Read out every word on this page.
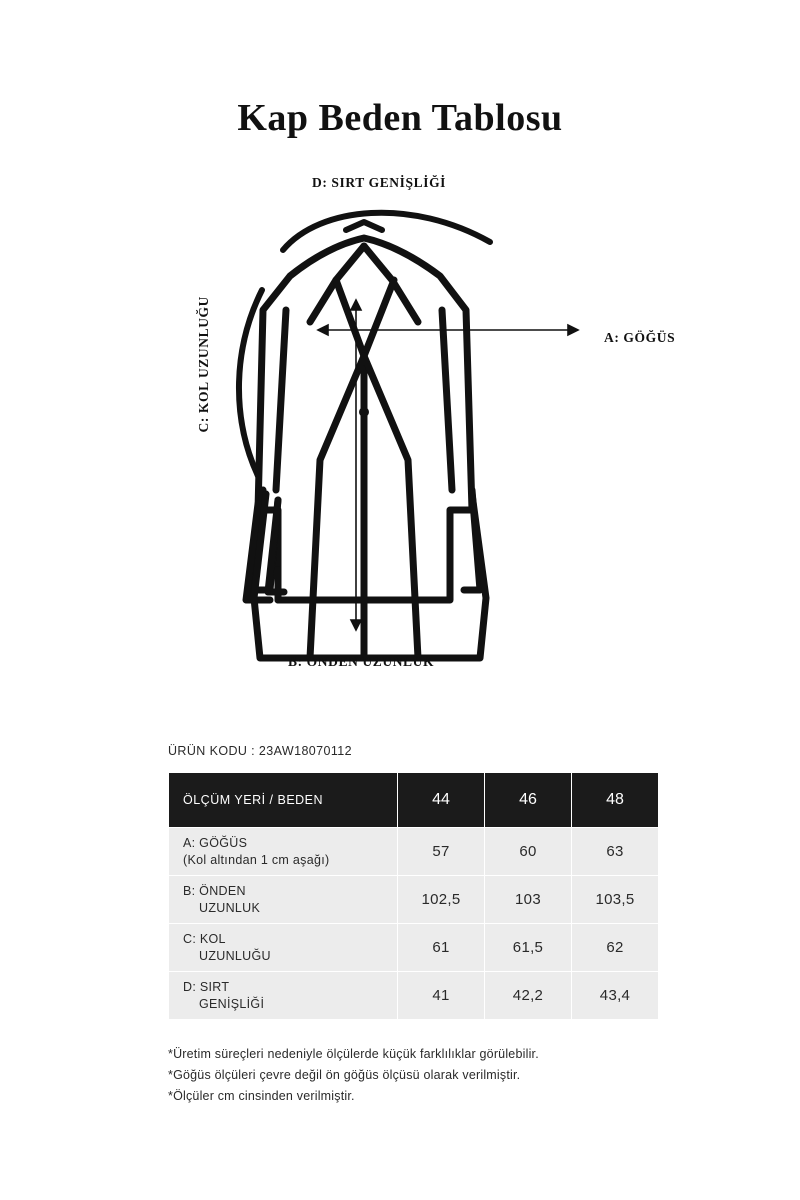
Kap Beden Tablosu
D: SIRT GENİŞLİĞİ
A: GÖĞÜS
B: ÖNDEN UZUNLUK
C: KOL UZUNLUĞU
ÜRÜN KODU : 23AW18070112
ÖLÇÜM YERİ / BEDEN	44	46	48

A: GÖĞÜS
(Kol altından 1 cm aşağı)	57	60	63

B: ÖNDEN
UZUNLUK	102,5	103	103,5

C: KOL
UZUNLUĞU	61	61,5	62

D: SIRT
GENİŞLİĞİ	41	42,2	43,4
*Üretim süreçleri nedeniyle ölçülerde küçük farklılıklar görülebilir.
*Göğüs ölçüleri çevre değil ön göğüs ölçüsü olarak verilmiştir.
*Ölçüler cm cinsinden verilmiştir.
